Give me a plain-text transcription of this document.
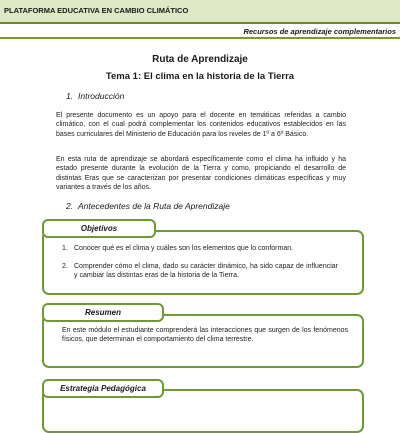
PLATAFORMA EDUCATIVA EN CAMBIO CLIMÁTICO
Recursos de aprendizaje complementarios
Ruta de Aprendizaje
Tema 1: El clima en la historia de la Tierra
1. Introducción
El presente documento es un apoyo para el docente en temáticas referidas a cambio climático, con el cual podrá complementar los contenidos educativos establecidos en las bases curriculares del Ministerio de Educación para los niveles de 1º a 6º Básico.
En esta ruta de aprendizaje se abordará específicamente como el clima ha influido y ha estado presente durante la evolución de la Tierra y como, propiciando el desarrollo de distintas Eras que se caracterizan por presentar condiciones climáticas específicas y muy variantes a través de los años.
2. Antecedentes de la Ruta de Aprendizaje
Objetivos
1. Conocer qué es el clima y cuáles son los elementos que lo conforman.
2. Comprender cómo el clima, dado su carácter dinámico, ha sido capaz de influenciar y cambiar las distintas eras de la historia de la Tierra.
Resumen
En este módulo el estudiante comprenderá las interacciones que surgen de los fenómenos físicos, que determinan el comportamiento del clima terrestre.
Estrategia Pedagógica
